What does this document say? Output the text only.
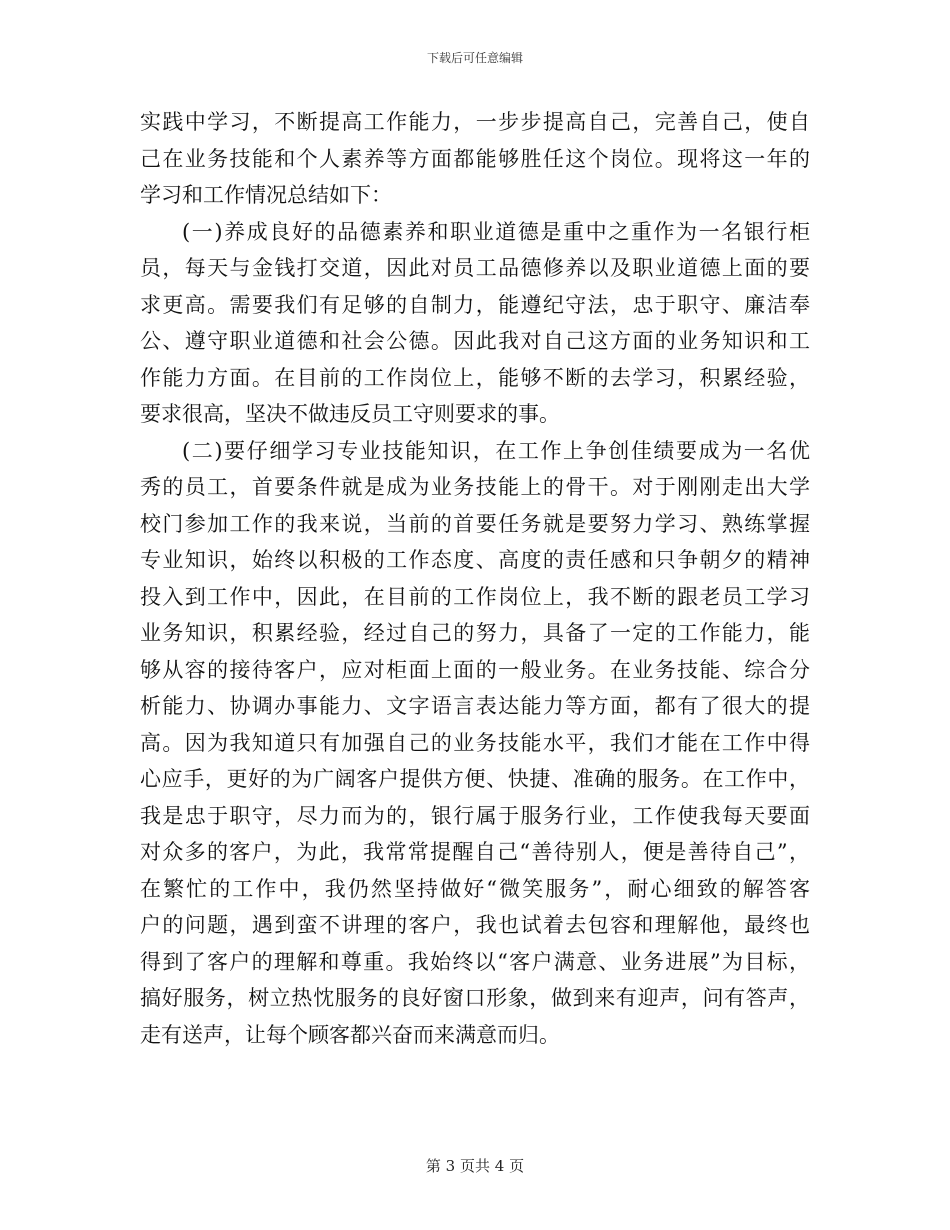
下载后可任意编辑
实践中学习，不断提高工作能力，一步步提高自己，完善自己，使自
己在业务技能和个人素养等方面都能够胜任这个岗位。现将这一年的
学习和工作情况总结如下：
(一)养成良好的品德素养和职业道德是重中之重作为一名银行柜
员，每天与金钱打交道，因此对员工品德修养以及职业道德上面的要
求更高。需要我们有足够的自制力，能遵纪守法，忠于职守、廉洁奉
公、遵守职业道德和社会公德。因此我对自己这方面的业务知识和工
作能力方面。在目前的工作岗位上，能够不断的去学习，积累经验，
要求很高，坚决不做违反员工守则要求的事。
(二)要仔细学习专业技能知识，在工作上争创佳绩要成为一名优
秀的员工，首要条件就是成为业务技能上的骨干。对于刚刚走出大学
校门参加工作的我来说，当前的首要任务就是要努力学习、熟练掌握
专业知识，始终以积极的工作态度、高度的责任感和只争朝夕的精神
投入到工作中，因此，在目前的工作岗位上，我不断的跟老员工学习
业务知识，积累经验，经过自己的努力，具备了一定的工作能力，能
够从容的接待客户，应对柜面上面的一般业务。在业务技能、综合分
析能力、协调办事能力、文字语言表达能力等方面，都有了很大的提
高。因为我知道只有加强自己的业务技能水平，我们才能在工作中得
心应手，更好的为广阔客户提供方便、快捷、准确的服务。在工作中，
我是忠于职守，尽力而为的，银行属于服务行业，工作使我每天要面
对众多的客户，为此，我常常提醒自己“善待别人，便是善待自己”，
在繁忙的工作中，我仍然坚持做好“微笑服务”，耐心细致的解答客
户的问题，遇到蛮不讲理的客户，我也试着去包容和理解他，最终也
得到了客户的理解和尊重。我始终以“客户满意、业务进展”为目标，
搞好服务，树立热忱服务的良好窗口形象，做到来有迎声，问有答声，
走有送声，让每个顾客都兴奋而来满意而归。
第 3 页共 4 页
